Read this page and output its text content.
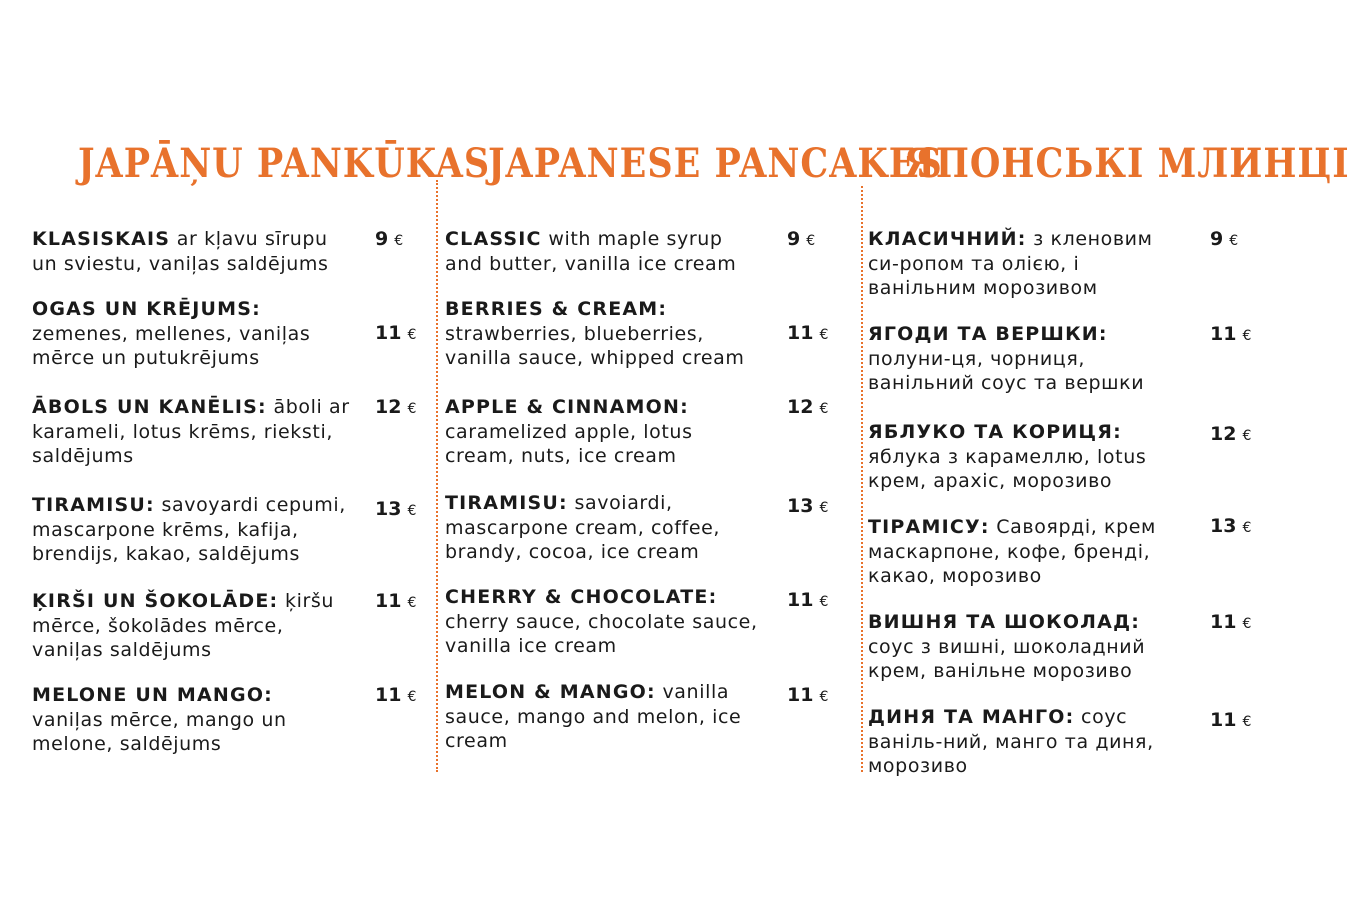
JAPĀŅU PANKŪKAS
KLASISKAIS ar kļavu sīrupu un sviestu, vaniļas saldējums
9 €
OGAS UN KRĒJUMS: zemenes, mellenes, vaniļas mērce un putukrējums
11 €
ĀBOLS UN KANĒLIS: āboli ar karameli, lotus krēms, rieksti, saldējums
12 €
TIRAMISU: savoyardi cepumi, mascarpone krēms, kafija, brendijs, kakao, saldējums
13 €
ĶIRŠI UN ŠOKOLĀDE: ķiršu mērce, šokolādes mērce, vaniļas saldējums
11 €
MELONE UN MANGO: vaniļas mērce, mango un melone, saldējums
11 €
JAPANESE PANCAKES
CLASSIC with maple syrup and butter, vanilla ice cream
9 €
BERRIES & CREAM: strawberries, blueberries, vanilla sauce, whipped cream
11 €
APPLE & CINNAMON: caramelized apple, lotus cream, nuts, ice cream
12 €
TIRAMISU: savoiardi, mascarpone cream, coffee, brandy, cocoa, ice cream
13 €
CHERRY & CHOCOLATE: cherry sauce, chocolate sauce, vanilla ice cream
11 €
MELON & MANGO: vanilla sauce, mango and melon, ice cream
11 €
ЯПОНСЬКІ МЛИНЦІ
КЛАСИЧНИЙ: з кленовим си-ропом та олією, і ванільним морозивом
9 €
ЯГОДИ ТА ВЕРШКИ: полуни-ця, чорниця, ванільний соус та вершки
11 €
ЯБЛУКО ТА КОРИЦЯ: яблука з карамеллю, lotus крем, арахіс, морозиво
12 €
ТІРАМІСУ: Савоярді, крем маскарпоне, кофе, бренді, какао, морозиво
13 €
ВИШНЯ ТА ШОКОЛАД: соус з вишні, шоколадний крем, ванільне морозиво
11 €
ДИНЯ ТА МАНГО: соус ваніль-ний, манго та диня, морозиво
11 €
